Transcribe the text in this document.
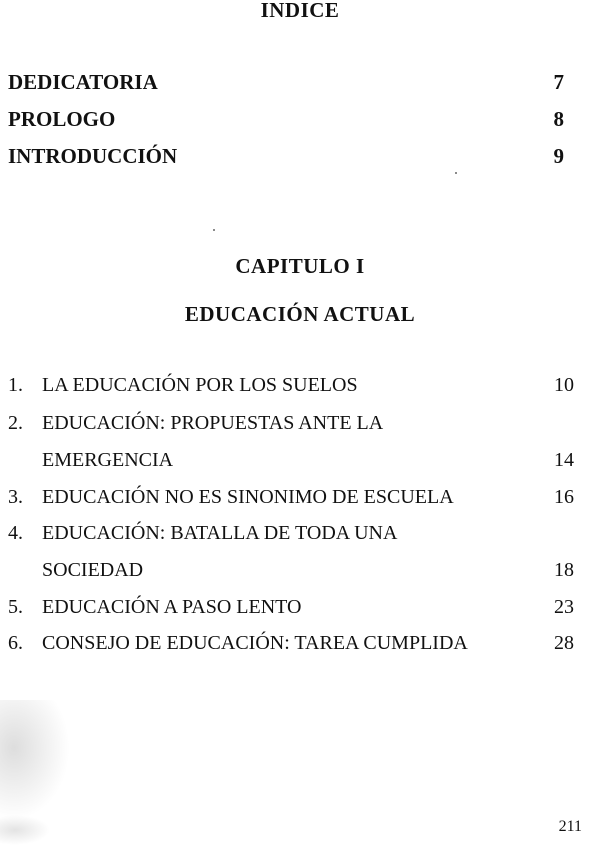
INDICE
DEDICATORIA	7
PROLOGO	8
INTRODUCCIÓN	9
CAPITULO I
EDUCACIÓN ACTUAL
1. LA EDUCACIÓN POR LOS SUELOS	10
2. EDUCACIÓN: PROPUESTAS ANTE LA
EMERGENCIA	14
3. EDUCACIÓN NO ES SINONIMO DE ESCUELA	16
4. EDUCACIÓN: BATALLA DE TODA UNA
SOCIEDAD	18
5. EDUCACIÓN A PASO LENTO	23
6. CONSEJO DE EDUCACIÓN: TAREA CUMPLIDA	28
211
